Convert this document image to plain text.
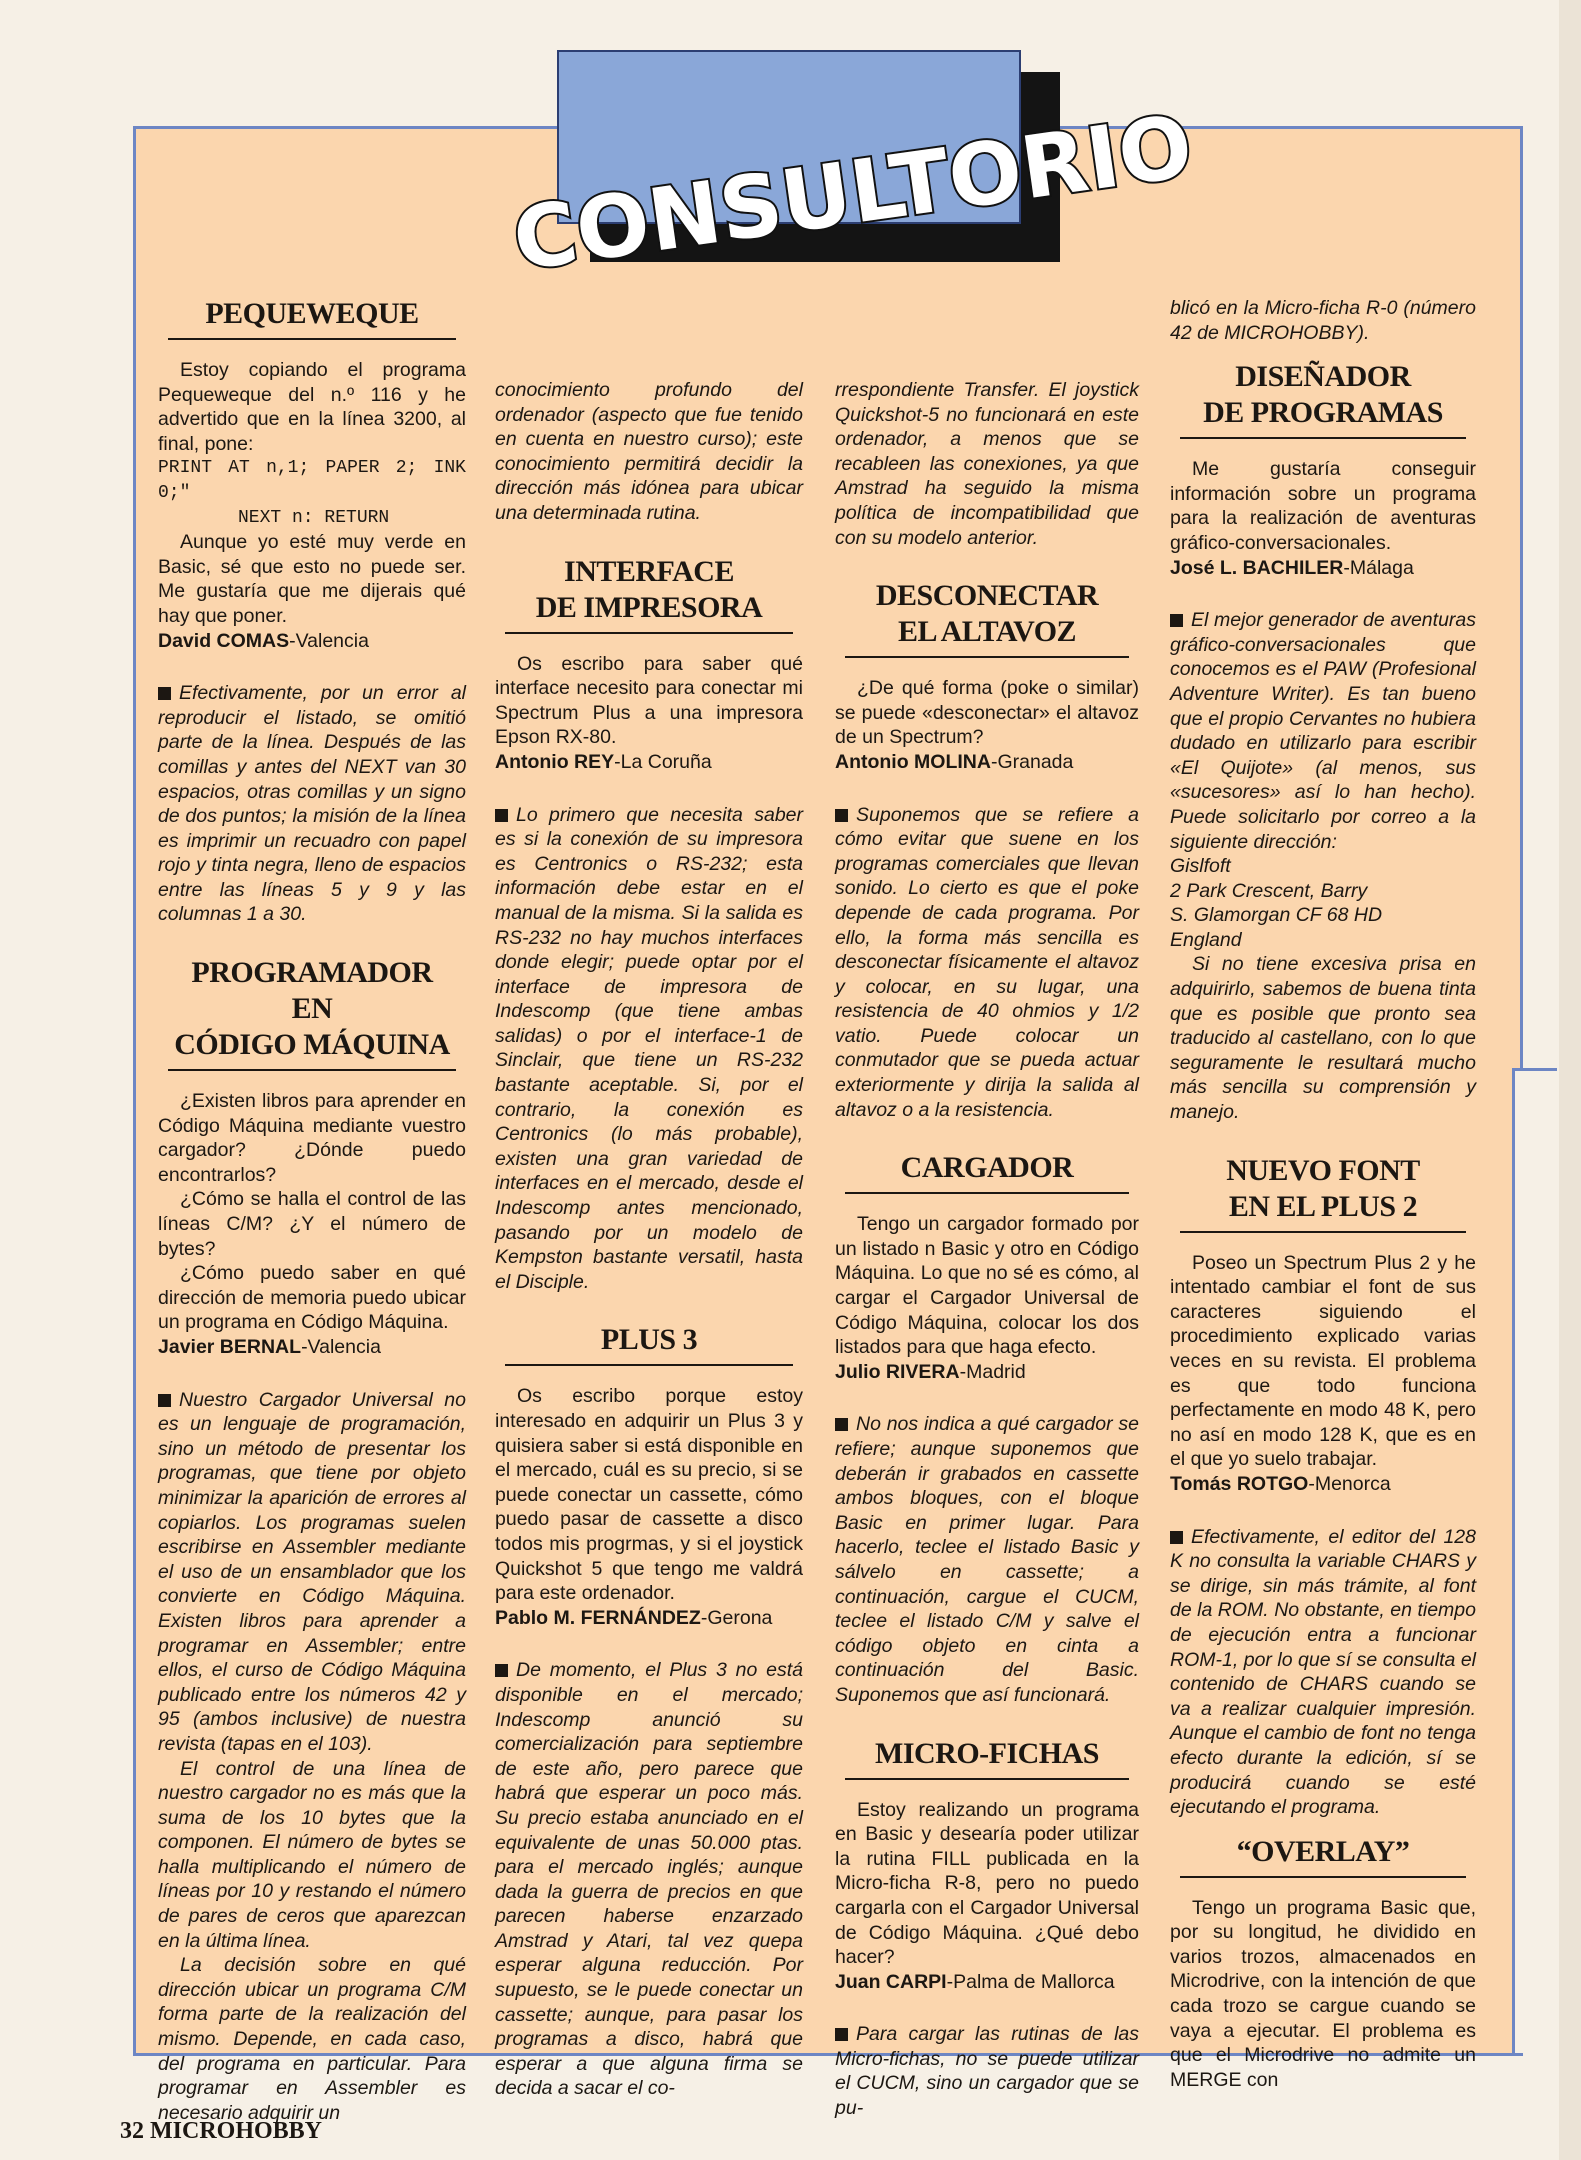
CONSULTORIO
PEQUEWEQUE

Estoy copiando el programa Pequeweque del n.º 116 y he advertido que en la línea 3200, al final, pone:

PRINT AT n,1; PAPER 2; INK 0;"

NEXT n: RETURN

Aunque yo esté muy verde en Basic, sé que esto no puede ser. Me gustaría que me dijerais qué hay que poner.

David COMAS-Valencia

Efectivamente, por un error al reproducir el listado, se omitió parte de la línea. Después de las comillas y antes del NEXT van 30 espacios, otras comillas y un signo de dos puntos; la misión de la línea es imprimir un recuadro con papel rojo y tinta negra, lleno de espacios entre las líneas 5 y 9 y las columnas 1 a 30.

PROGRAMADOR EN
CÓDIGO MÁQUINA

¿Existen libros para aprender en Código Máquina mediante vuestro cargador? ¿Dónde puedo encontrarlos?

¿Cómo se halla el control de las líneas C/M? ¿Y el número de bytes?

¿Cómo puedo saber en qué dirección de memoria puedo ubicar un programa en Código Máquina.

Javier BERNAL-Valencia

Nuestro Cargador Universal no es un lenguaje de programación, sino un método de presentar los programas, que tiene por objeto minimizar la aparición de errores al copiarlos. Los programas suelen escribirse en Assembler mediante el uso de un ensamblador que los convierte en Código Máquina. Existen libros para aprender a programar en Assembler; entre ellos, el curso de Código Máquina publicado entre los números 42 y 95 (ambos inclusive) de nuestra revista (tapas en el 103).

El control de una línea de nuestro cargador no es más que la suma de los 10 bytes que la componen. El número de bytes se halla multiplicando el número de líneas por 10 y restando el número de pares de ceros que aparezcan en la última línea.

La decisión sobre en qué dirección ubicar un programa C/M forma parte de la realización del mismo. Depende, en cada caso, del programa en particular. Para programar en Assembler es necesario adquirir un

conocimiento profundo del ordenador (aspecto que fue tenido en cuenta en nuestro curso); este conocimiento permitirá decidir la dirección más idónea para ubicar una determinada rutina.

INTERFACE
DE IMPRESORA

Os escribo para saber qué interface necesito para conectar mi Spectrum Plus a una impresora Epson RX-80.

Antonio REY-La Coruña

Lo primero que necesita saber es si la conexión de su impresora es Centronics o RS-232; esta información debe estar en el manual de la misma. Si la salida es RS-232 no hay muchos interfaces donde elegir; puede optar por el interface de impresora de Indescomp (que tiene ambas salidas) o por el interface-1 de Sinclair, que tiene un RS-232 bastante aceptable. Si, por el contrario, la conexión es Centronics (lo más probable), existen una gran variedad de interfaces en el mercado, desde el Indescomp antes mencionado, pasando por un modelo de Kempston bastante versatil, hasta el Disciple.

PLUS 3

Os escribo porque estoy interesado en adquirir un Plus 3 y quisiera saber si está disponible en el mercado, cuál es su precio, si se puede conectar un cassette, cómo puedo pasar de cassette a disco todos mis progrmas, y si el joystick Quickshot 5 que tengo me valdrá para este ordenador.

Pablo M. FERNÁNDEZ-Gerona

De momento, el Plus 3 no está disponible en el mercado; Indescomp anunció su comercialización para septiembre de este año, pero parece que habrá que esperar un poco más. Su precio estaba anunciado en el equivalente de unas 50.000 ptas. para el mercado inglés; aunque dada la guerra de precios en que parecen haberse enzarzado Amstrad y Atari, tal vez quepa esperar alguna reducción. Por supuesto, se le puede conectar un cassette; aunque, para pasar los programas a disco, habrá que esperar a que alguna firma se decida a sacar el co-

rrespondiente Transfer. El joystick Quickshot-5 no funcionará en este ordenador, a menos que se recableen las conexiones, ya que Amstrad ha seguido la misma política de incompatibilidad que con su modelo anterior.

DESCONECTAR
EL ALTAVOZ

¿De qué forma (poke o similar) se puede «desconectar» el altavoz de un Spectrum?

Antonio MOLINA-Granada

Suponemos que se refiere a cómo evitar que suene en los programas comerciales que llevan sonido. Lo cierto es que el poke depende de cada programa. Por ello, la forma más sencilla es desconectar físicamente el altavoz y colocar, en su lugar, una resistencia de 40 ohmios y 1/2 vatio. Puede colocar un conmutador que se pueda actuar exteriormente y dirija la salida al altavoz o a la resistencia.

CARGADOR

Tengo un cargador formado por un listado n Basic y otro en Código Máquina. Lo que no sé es cómo, al cargar el Cargador Universal de Código Máquina, colocar los dos listados para que haga efecto.

Julio RIVERA-Madrid

No nos indica a qué cargador se refiere; aunque suponemos que deberán ir grabados en cassette ambos bloques, con el bloque Basic en primer lugar. Para hacerlo, teclee el listado Basic y sálvelo en cassette; a continuación, cargue el CUCM, teclee el listado C/M y salve el código objeto en cinta a continuación del Basic. Suponemos que así funcionará.

MICRO-FICHAS

Estoy realizando un programa en Basic y desearía poder utilizar la rutina FILL publicada en la Micro-ficha R-8, pero no puedo cargarla con el Cargador Universal de Código Máquina. ¿Qué debo hacer?

Juan CARPI-Palma de Mallorca

Para cargar las rutinas de las Micro-fichas, no se puede utilizar el CUCM, sino un cargador que se pu-

blicó en la Micro-ficha R-0 (número 42 de MICROHOBBY).

DISEÑADOR
DE PROGRAMAS

Me gustaría conseguir información sobre un programa para la realización de aventuras gráfico-conversacionales.

José L. BACHILER-Málaga

El mejor generador de aventuras gráfico-conversacionales que conocemos es el PAW (Profesional Adventure Writer). Es tan bueno que el propio Cervantes no hubiera dudado en utilizarlo para escribir «El Quijote» (al menos, sus «sucesores» así lo han hecho). Puede solicitarlo por correo a la siguiente dirección:

Gislfoft

2 Park Crescent, Barry

S. Glamorgan CF 68 HD

England

Si no tiene excesiva prisa en adquirirlo, sabemos de buena tinta que es posible que pronto sea traducido al castellano, con lo que seguramente le resultará mucho más sencilla su comprensión y manejo.

NUEVO FONT
EN EL PLUS 2

Poseo un Spectrum Plus 2 y he intentado cambiar el font de sus caracteres siguiendo el procedimiento explicado varias veces en su revista. El problema es que todo funciona perfectamente en modo 48 K, pero no así en modo 128 K, que es en el que yo suelo trabajar.

Tomás ROTGO-Menorca

Efectivamente, el editor del 128 K no consulta la variable CHARS y se dirige, sin más trámite, al font de la ROM. No obstante, en tiempo de ejecución entra a funcionar ROM-1, por lo que sí se consulta el contenido de CHARS cuando se va a realizar cualquier impresión. Aunque el cambio de font no tenga efecto durante la edición, sí se producirá cuando se esté ejecutando el programa.

“OVERLAY”

Tengo un programa Basic que, por su longitud, he dividido en varios trozos, almacenados en Microdrive, con la intención de que cada trozo se cargue cuando se vaya a ejecutar. El problema es que el Microdrive no admite un MERGE con

32 MICROHOBBY
